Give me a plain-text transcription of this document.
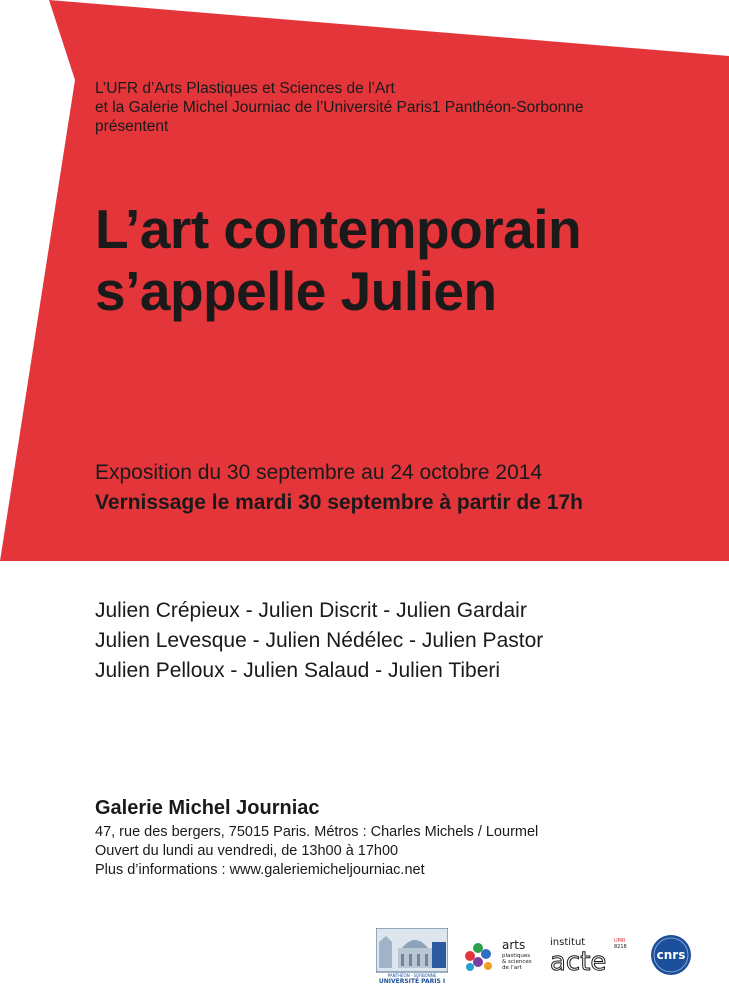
L’UFR d’Arts Plastiques et Sciences de l’Art
et la Galerie Michel Journiac de l’Université Paris1 Panthéon-Sorbonne
présentent
L’art contemporain
s’appelle Julien
Exposition du 30 septembre au 24 octobre 2014
Vernissage le mardi 30 septembre à partir de 17h
Julien Crépieux - Julien Discrit - Julien Gardair
Julien Levesque - Julien Nédélec - Julien Pastor
Julien Pelloux - Julien Salaud - Julien Tiberi
Galerie Michel Journiac
47, rue des bergers, 75015 Paris. Métros : Charles Michels / Lourmel
Ouvert du lundi au vendredi, de 13h00 à 17h00
Plus d’informations : www.galeriemicheljourniac.net
PANTHÉON · SORBONNE
UNIVERSITÉ PARIS I
arts
plastiques
& sciences
de l’art
institut
acte
UMR
8218
cnrs
